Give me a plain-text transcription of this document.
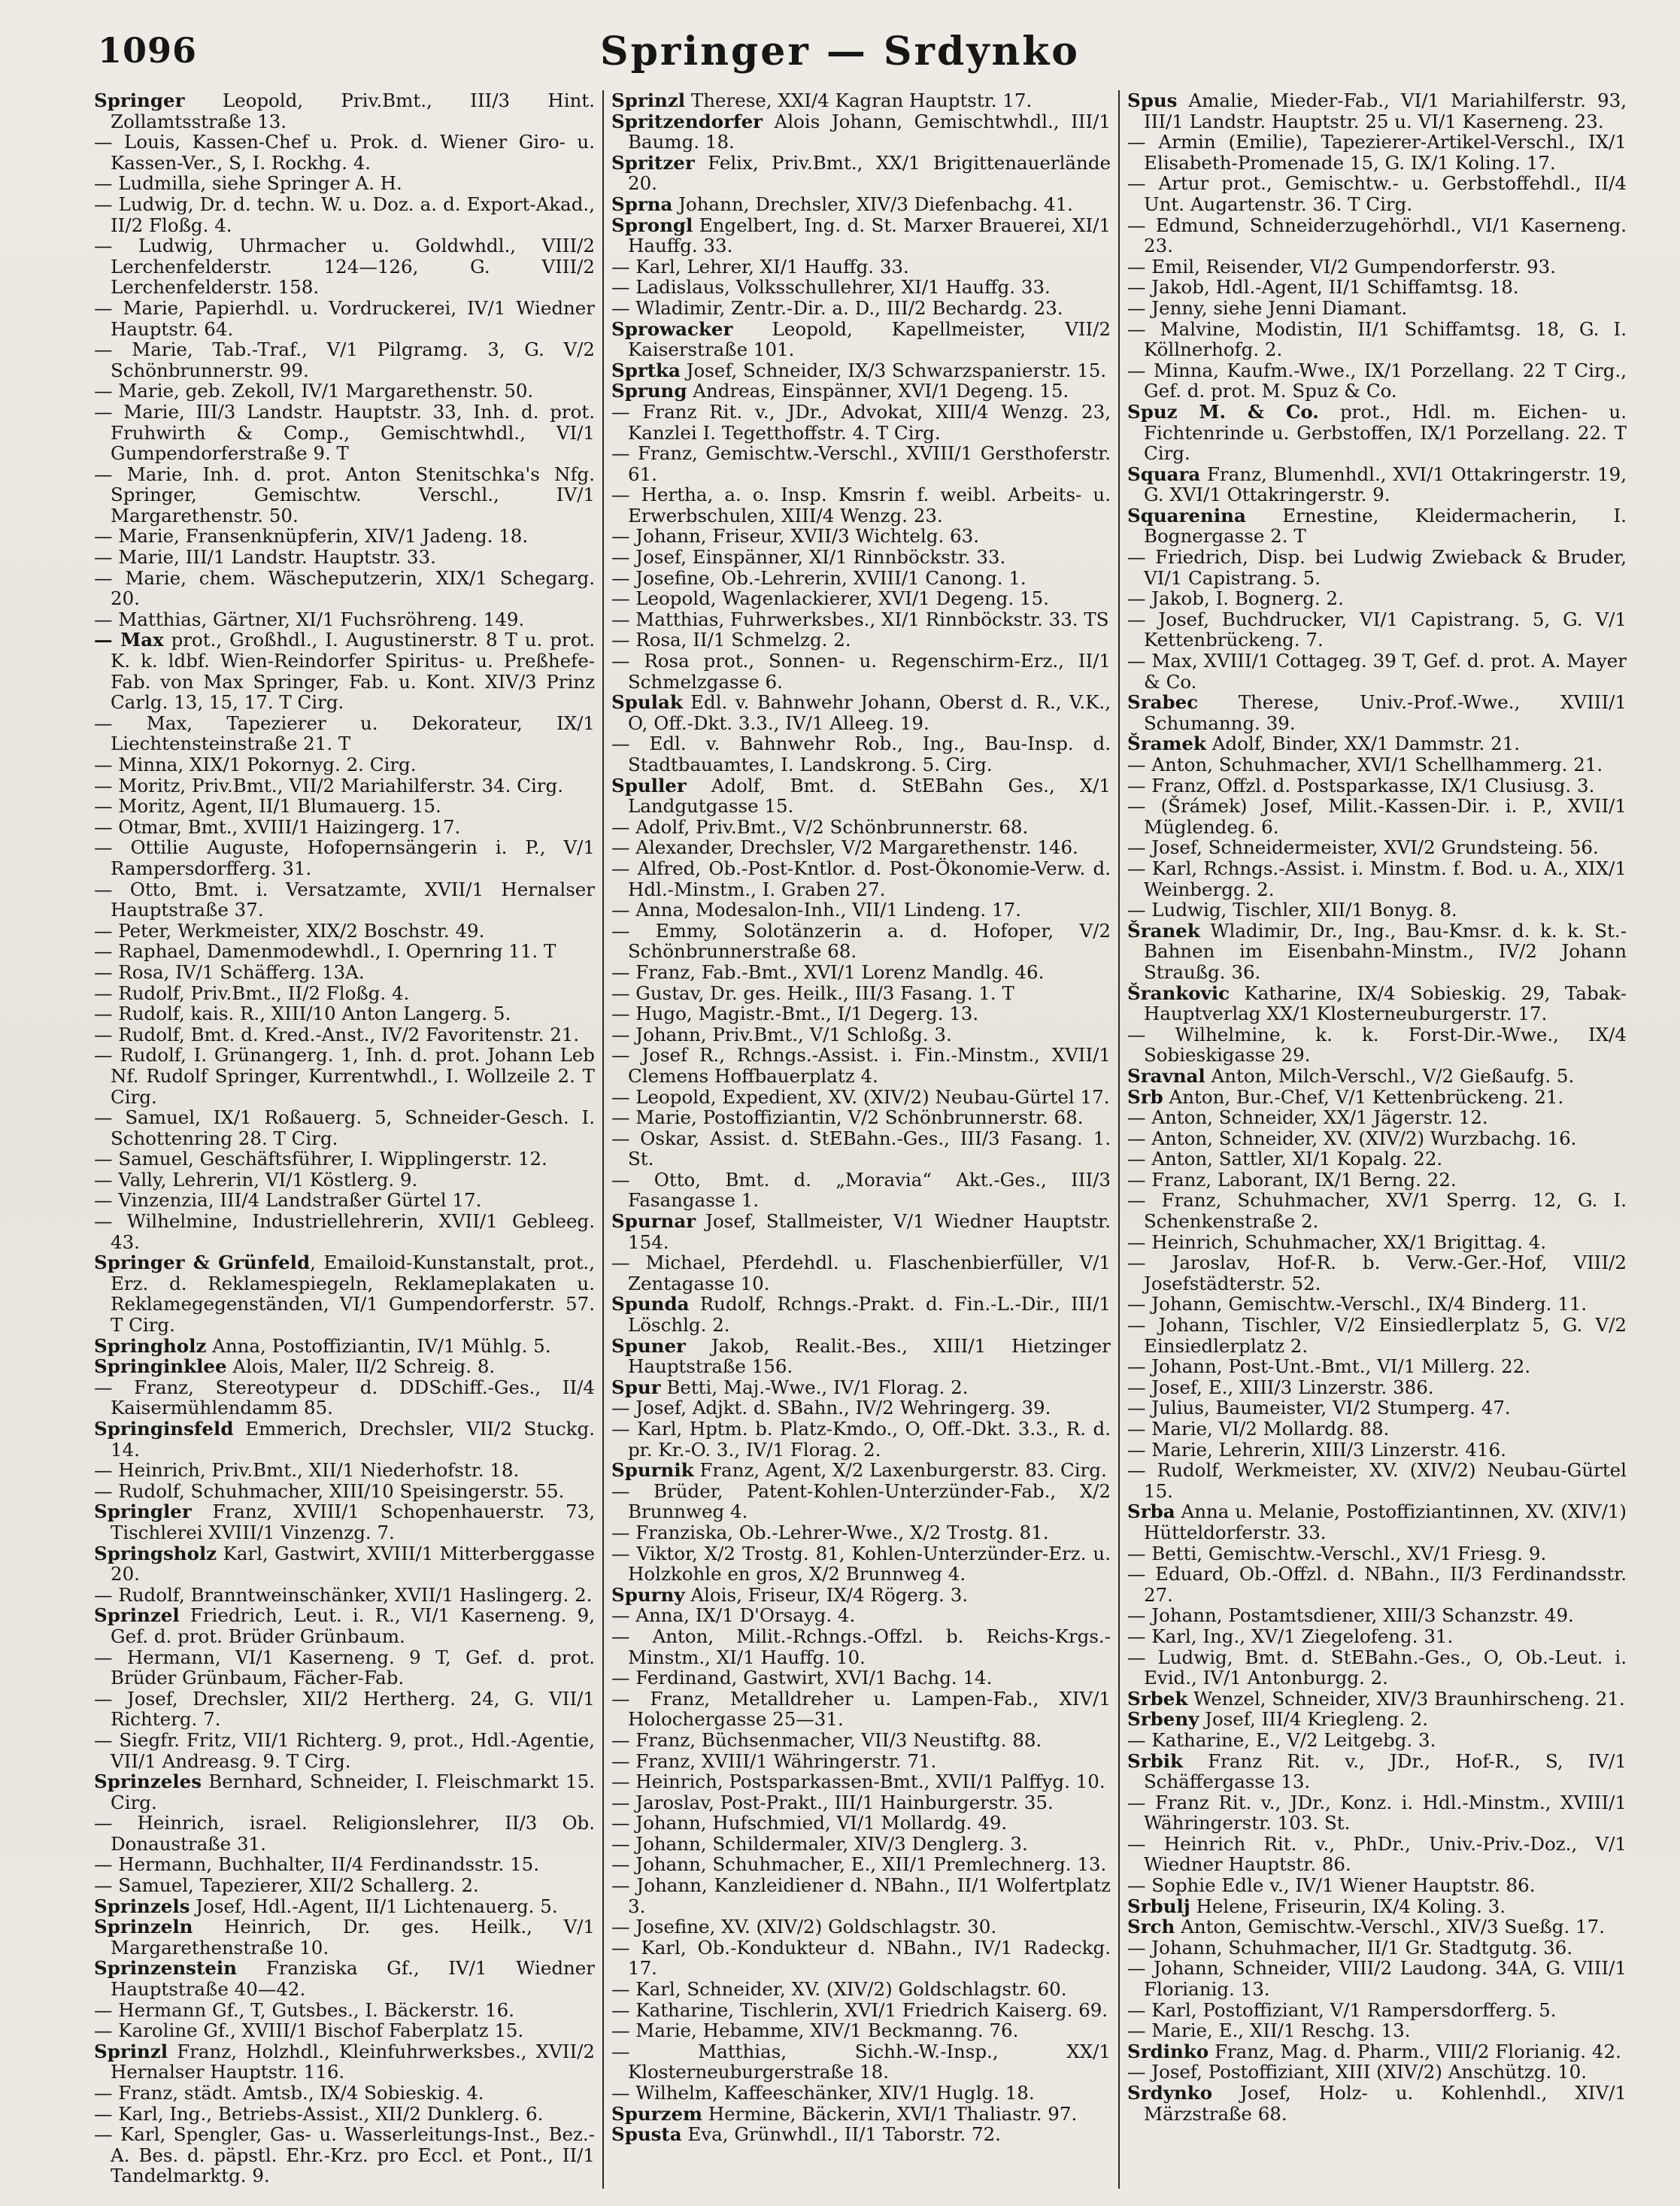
1096	Springer — Srdynko

Springer Leopold, Priv.Bmt., III/3 Hint. Zollamtsstraße 13.

— Louis, Kassen-Chef u. Prok. d. Wiener Giro- u. Kassen-Ver., S, I. Rockhg. 4.

— Ludmilla, siehe Springer A. H.

— Ludwig, Dr. d. techn. W. u. Doz. a. d. Export-Akad., II/2 Floßg. 4.

— Ludwig, Uhrmacher u. Goldwhdl., VIII/2 Lerchenfelderstr. 124—126, G. VIII/2 Lerchenfelderstr. 158.

— Marie, Papierhdl. u. Vordruckerei, IV/1 Wiedner Hauptstr. 64.

— Marie, Tab.-Traf., V/1 Pilgramg. 3, G. V/2 Schönbrunnerstr. 99.

— Marie, geb. Zekoll, IV/1 Margarethenstr. 50.

— Marie, III/3 Landstr. Hauptstr. 33, Inh. d. prot. Fruhwirth & Comp., Gemischtwhdl., VI/1 Gumpendorferstraße 9. T

— Marie, Inh. d. prot. Anton Stenitschka's Nfg. Springer, Gemischtw. Verschl., IV/1 Margarethenstr. 50.

— Marie, Fransenknüpferin, XIV/1 Jadeng. 18.

— Marie, III/1 Landstr. Hauptstr. 33.

— Marie, chem. Wäscheputzerin, XIX/1 Schegarg. 20.

— Matthias, Gärtner, XI/1 Fuchsröhreng. 149.

— Max prot., Großhdl., I. Augustinerstr. 8 T u. prot. K. k. ldbf. Wien-Reindorfer Spiritus- u. Preßhefe-Fab. von Max Springer, Fab. u. Kont. XIV/3 Prinz Carlg. 13, 15, 17. T Cirg.

— Max, Tapezierer u. Dekorateur, IX/1 Liechtensteinstraße 21. T

— Minna, XIX/1 Pokornyg. 2. Cirg.

— Moritz, Priv.Bmt., VII/2 Mariahilferstr. 34. Cirg.

— Moritz, Agent, II/1 Blumauerg. 15.

— Otmar, Bmt., XVIII/1 Haizingerg. 17.

— Ottilie Auguste, Hofopernsängerin i. P., V/1 Rampersdorfferg. 31.

— Otto, Bmt. i. Versatzamte, XVII/1 Hernalser Hauptstraße 37.

— Peter, Werkmeister, XIX/2 Boschstr. 49.

— Raphael, Damenmodewhdl., I. Opernring 11. T

— Rosa, IV/1 Schäfferg. 13A.

— Rudolf, Priv.Bmt., II/2 Floßg. 4.

— Rudolf, kais. R., XIII/10 Anton Langerg. 5.

— Rudolf, Bmt. d. Kred.-Anst., IV/2 Favoritenstr. 21.

— Rudolf, I. Grünangerg. 1, Inh. d. prot. Johann Leb Nf. Rudolf Springer, Kurrentwhdl., I. Wollzeile 2. T Cirg.

— Samuel, IX/1 Roßauerg. 5, Schneider-Gesch. I. Schottenring 28. T Cirg.

— Samuel, Geschäftsführer, I. Wipplingerstr. 12.

— Vally, Lehrerin, VI/1 Köstlerg. 9.

— Vinzenzia, III/4 Landstraßer Gürtel 17.

— Wilhelmine, Industriellehrerin, XVII/1 Gebleeg. 43.

Springer & Grünfeld, Emailoid-Kunstanstalt, prot., Erz. d. Reklamespiegeln, Reklameplakaten u. Reklamegegenständen, VI/1 Gumpendorferstr. 57. T Cirg.

Springholz Anna, Postoffiziantin, IV/1 Mühlg. 5.

Springinklee Alois, Maler, II/2 Schreig. 8.

— Franz, Stereotypeur d. DDSchiff.-Ges., II/4 Kaisermühlendamm 85.

Springinsfeld Emmerich, Drechsler, VII/2 Stuckg. 14.

— Heinrich, Priv.Bmt., XII/1 Niederhofstr. 18.

— Rudolf, Schuhmacher, XIII/10 Speisingerstr. 55.

Springler Franz, XVIII/1 Schopenhauerstr. 73, Tischlerei XVIII/1 Vinzenzg. 7.

Springsholz Karl, Gastwirt, XVIII/1 Mitterberggasse 20.

— Rudolf, Branntweinschänker, XVII/1 Haslingerg. 2.

Sprinzel Friedrich, Leut. i. R., VI/1 Kaserneng. 9, Gef. d. prot. Brüder Grünbaum.

— Hermann, VI/1 Kaserneng. 9 T, Gef. d. prot. Brüder Grünbaum, Fächer-Fab.

— Josef, Drechsler, XII/2 Hertherg. 24, G. VII/1 Richterg. 7.

— Siegfr. Fritz, VII/1 Richterg. 9, prot., Hdl.-Agentie, VII/1 Andreasg. 9. T Cirg.

Sprinzeles Bernhard, Schneider, I. Fleischmarkt 15. Cirg.

— Heinrich, israel. Religionslehrer, II/3 Ob. Donaustraße 31.

— Hermann, Buchhalter, II/4 Ferdinandsstr. 15.

— Samuel, Tapezierer, XII/2 Schallerg. 2.

Sprinzels Josef, Hdl.-Agent, II/1 Lichtenauerg. 5.

Sprinzeln Heinrich, Dr. ges. Heilk., V/1 Margarethenstraße 10.

Sprinzenstein Franziska Gf., IV/1 Wiedner Hauptstraße 40—42.

— Hermann Gf., T, Gutsbes., I. Bäckerstr. 16.

— Karoline Gf., XVIII/1 Bischof Faberplatz 15.

Sprinzl Franz, Holzhdl., Kleinfuhrwerksbes., XVII/2 Hernalser Hauptstr. 116.

— Franz, städt. Amtsb., IX/4 Sobieskig. 4.

— Karl, Ing., Betriebs-Assist., XII/2 Dunklerg. 6.

— Karl, Spengler, Gas- u. Wasserleitungs-Inst., Bez.-A. Bes. d. päpstl. Ehr.-Krz. pro Eccl. et Pont., II/1 Tandelmarktg. 9.

Sprinzl Therese, XXI/4 Kagran Hauptstr. 17.

Spritzendorfer Alois Johann, Gemischtwhdl., III/1 Baumg. 18.

Spritzer Felix, Priv.Bmt., XX/1 Brigittenauerlände 20.

Sprna Johann, Drechsler, XIV/3 Diefenbachg. 41.

Sprongl Engelbert, Ing. d. St. Marxer Brauerei, XI/1 Hauffg. 33.

— Karl, Lehrer, XI/1 Hauffg. 33.

— Ladislaus, Volksschullehrer, XI/1 Hauffg. 33.

— Wladimir, Zentr.-Dir. a. D., III/2 Bechardg. 23.

Sprowacker Leopold, Kapellmeister, VII/2 Kaiserstraße 101.

Sprtka Josef, Schneider, IX/3 Schwarzspanierstr. 15.

Sprung Andreas, Einspänner, XVI/1 Degeng. 15.

— Franz Rit. v., JDr., Advokat, XIII/4 Wenzg. 23, Kanzlei I. Tegetthoffstr. 4. T Cirg.

— Franz, Gemischtw.-Verschl., XVIII/1 Gersthoferstr. 61.

— Hertha, a. o. Insp. Kmsrin f. weibl. Arbeits- u. Erwerbschulen, XIII/4 Wenzg. 23.

— Johann, Friseur, XVII/3 Wichtelg. 63.

— Josef, Einspänner, XI/1 Rinnböckstr. 33.

— Josefine, Ob.-Lehrerin, XVIII/1 Canong. 1.

— Leopold, Wagenlackierer, XVI/1 Degeng. 15.

— Matthias, Fuhrwerksbes., XI/1 Rinnböckstr. 33. TS

— Rosa, II/1 Schmelzg. 2.

— Rosa prot., Sonnen- u. Regenschirm-Erz., II/1 Schmelzgasse 6.

Spulak Edl. v. Bahnwehr Johann, Oberst d. R., V.K., O, Off.-Dkt. 3.3., IV/1 Alleeg. 19.

— Edl. v. Bahnwehr Rob., Ing., Bau-Insp. d. Stadtbauamtes, I. Landskrong. 5. Cirg.

Spuller Adolf, Bmt. d. StEBahn Ges., X/1 Landgutgasse 15.

— Adolf, Priv.Bmt., V/2 Schönbrunnerstr. 68.

— Alexander, Drechsler, V/2 Margarethenstr. 146.

— Alfred, Ob.-Post-Kntlor. d. Post-Ökonomie-Verw. d. Hdl.-Minstm., I. Graben 27.

— Anna, Modesalon-Inh., VII/1 Lindeng. 17.

— Emmy, Solotänzerin a. d. Hofoper, V/2 Schönbrunnerstraße 68.

— Franz, Fab.-Bmt., XVI/1 Lorenz Mandlg. 46.

— Gustav, Dr. ges. Heilk., III/3 Fasang. 1. T

— Hugo, Magistr.-Bmt., I/1 Degerg. 13.

— Johann, Priv.Bmt., V/1 Schloßg. 3.

— Josef R., Rchngs.-Assist. i. Fin.-Minstm., XVII/1 Clemens Hoffbauerplatz 4.

— Leopold, Expedient, XV. (XIV/2) Neubau-Gürtel 17.

— Marie, Postoffiziantin, V/2 Schönbrunnerstr. 68.

— Oskar, Assist. d. StEBahn.-Ges., III/3 Fasang. 1. St.

— Otto, Bmt. d. „Moravia“ Akt.-Ges., III/3 Fasangasse 1.

Spurnar Josef, Stallmeister, V/1 Wiedner Hauptstr. 154.

— Michael, Pferdehdl. u. Flaschenbierfüller, V/1 Zentagasse 10.

Spunda Rudolf, Rchngs.-Prakt. d. Fin.-L.-Dir., III/1 Löschlg. 2.

Spuner Jakob, Realit.-Bes., XIII/1 Hietzinger Hauptstraße 156.

Spur Betti, Maj.-Wwe., IV/1 Florag. 2.

— Josef, Adjkt. d. SBahn., IV/2 Wehringerg. 39.

— Karl, Hptm. b. Platz-Kmdo., O, Off.-Dkt. 3.3., R. d. pr. Kr.-O. 3., IV/1 Florag. 2.

Spurnik Franz, Agent, X/2 Laxenburgerstr. 83. Cirg.

— Brüder, Patent-Kohlen-Unterzünder-Fab., X/2 Brunnweg 4.

— Franziska, Ob.-Lehrer-Wwe., X/2 Trostg. 81.

— Viktor, X/2 Trostg. 81, Kohlen-Unterzünder-Erz. u. Holzkohle en gros, X/2 Brunnweg 4.

Spurny Alois, Friseur, IX/4 Rögerg. 3.

— Anna, IX/1 D'Orsayg. 4.

— Anton, Milit.-Rchngs.-Offzl. b. Reichs-Krgs.-Minstm., XI/1 Hauffg. 10.

— Ferdinand, Gastwirt, XVI/1 Bachg. 14.

— Franz, Metalldreher u. Lampen-Fab., XIV/1 Holochergasse 25—31.

— Franz, Büchsenmacher, VII/3 Neustiftg. 88.

— Franz, XVIII/1 Währingerstr. 71.

— Heinrich, Postsparkassen-Bmt., XVII/1 Palffyg. 10.

— Jaroslav, Post-Prakt., III/1 Hainburgerstr. 35.

— Johann, Hufschmied, VI/1 Mollardg. 49.

— Johann, Schildermaler, XIV/3 Denglerg. 3.

— Johann, Schuhmacher, E., XII/1 Premlechnerg. 13.

— Johann, Kanzleidiener d. NBahn., II/1 Wolfertplatz 3.

— Josefine, XV. (XIV/2) Goldschlagstr. 30.

— Karl, Ob.-Kondukteur d. NBahn., IV/1 Radeckg. 17.

— Karl, Schneider, XV. (XIV/2) Goldschlagstr. 60.

— Katharine, Tischlerin, XVI/1 Friedrich Kaiserg. 69.

— Marie, Hebamme, XIV/1 Beckmanng. 76.

— Matthias, Sichh.-W.-Insp., XX/1 Klosterneuburgerstraße 18.

— Wilhelm, Kaffeeschänker, XIV/1 Huglg. 18.

Spurzem Hermine, Bäckerin, XVI/1 Thaliastr. 97.

Spusta Eva, Grünwhdl., II/1 Taborstr. 72.

Spus Amalie, Mieder-Fab., VI/1 Mariahilferstr. 93, III/1 Landstr. Hauptstr. 25 u. VI/1 Kaserneng. 23.

— Armin (Emilie), Tapezierer-Artikel-Verschl., IX/1 Elisabeth-Promenade 15, G. IX/1 Koling. 17.

— Artur prot., Gemischtw.- u. Gerbstoffehdl., II/4 Unt. Augartenstr. 36. T Cirg.

— Edmund, Schneiderzugehörhdl., VI/1 Kaserneng. 23.

— Emil, Reisender, VI/2 Gumpendorferstr. 93.

— Jakob, Hdl.-Agent, II/1 Schiffamtsg. 18.

— Jenny, siehe Jenni Diamant.

— Malvine, Modistin, II/1 Schiffamtsg. 18, G. I. Köllnerhofg. 2.

— Minna, Kaufm.-Wwe., IX/1 Porzellang. 22 T Cirg., Gef. d. prot. M. Spuz & Co.

Spuz M. & Co. prot., Hdl. m. Eichen- u. Fichtenrinde u. Gerbstoffen, IX/1 Porzellang. 22. T Cirg.

Squara Franz, Blumenhdl., XVI/1 Ottakringerstr. 19, G. XVI/1 Ottakringerstr. 9.

Squarenina Ernestine, Kleidermacherin, I. Bognergasse 2. T

— Friedrich, Disp. bei Ludwig Zwieback & Bruder, VI/1 Capistrang. 5.

— Jakob, I. Bognerg. 2.

— Josef, Buchdrucker, VI/1 Capistrang. 5, G. V/1 Kettenbrückeng. 7.

— Max, XVIII/1 Cottageg. 39 T, Gef. d. prot. A. Mayer & Co.

Srabec Therese, Univ.-Prof.-Wwe., XVIII/1 Schumanng. 39.

Šramek Adolf, Binder, XX/1 Dammstr. 21.

— Anton, Schuhmacher, XVI/1 Schellhammerg. 21.

— Franz, Offzl. d. Postsparkasse, IX/1 Clusiusg. 3.

— (Šrámek) Josef, Milit.-Kassen-Dir. i. P., XVII/1 Müglendeg. 6.

— Josef, Schneidermeister, XVI/2 Grundsteing. 56.

— Karl, Rchngs.-Assist. i. Minstm. f. Bod. u. A., XIX/1 Weinbergg. 2.

— Ludwig, Tischler, XII/1 Bonyg. 8.

Šranek Wladimir, Dr., Ing., Bau-Kmsr. d. k. k. St.-Bahnen im Eisenbahn-Minstm., IV/2 Johann Straußg. 36.

Šrankovic Katharine, IX/4 Sobieskig. 29, Tabak-Hauptverlag XX/1 Klosterneuburgerstr. 17.

— Wilhelmine, k. k. Forst-Dir.-Wwe., IX/4 Sobieskigasse 29.

Sravnal Anton, Milch-Verschl., V/2 Gießaufg. 5.

Srb Anton, Bur.-Chef, V/1 Kettenbrückeng. 21.

— Anton, Schneider, XX/1 Jägerstr. 12.

— Anton, Schneider, XV. (XIV/2) Wurzbachg. 16.

— Anton, Sattler, XI/1 Kopalg. 22.

— Franz, Laborant, IX/1 Berng. 22.

— Franz, Schuhmacher, XV/1 Sperrg. 12, G. I. Schenkenstraße 2.

— Heinrich, Schuhmacher, XX/1 Brigittag. 4.

— Jaroslav, Hof-R. b. Verw.-Ger.-Hof, VIII/2 Josefstädterstr. 52.

— Johann, Gemischtw.-Verschl., IX/4 Binderg. 11.

— Johann, Tischler, V/2 Einsiedlerplatz 5, G. V/2 Einsiedlerplatz 2.

— Johann, Post-Unt.-Bmt., VI/1 Millerg. 22.

— Josef, E., XIII/3 Linzerstr. 386.

— Julius, Baumeister, VI/2 Stumperg. 47.

— Marie, VI/2 Mollardg. 88.

— Marie, Lehrerin, XIII/3 Linzerstr. 416.

— Rudolf, Werkmeister, XV. (XIV/2) Neubau-Gürtel 15.

Srba Anna u. Melanie, Postoffiziantinnen, XV. (XIV/1) Hütteldorferstr. 33.

— Betti, Gemischtw.-Verschl., XV/1 Friesg. 9.

— Eduard, Ob.-Offzl. d. NBahn., II/3 Ferdinandsstr. 27.

— Johann, Postamtsdiener, XIII/3 Schanzstr. 49.

— Karl, Ing., XV/1 Ziegelofeng. 31.

— Ludwig, Bmt. d. StEBahn.-Ges., O, Ob.-Leut. i. Evid., IV/1 Antonburgg. 2.

Srbek Wenzel, Schneider, XIV/3 Braunhirscheng. 21.

Srbeny Josef, III/4 Kriegleng. 2.

— Katharine, E., V/2 Leitgebg. 3.

Srbik Franz Rit. v., JDr., Hof-R., S, IV/1 Schäffergasse 13.

— Franz Rit. v., JDr., Konz. i. Hdl.-Minstm., XVIII/1 Währingerstr. 103. St.

— Heinrich Rit. v., PhDr., Univ.-Priv.-Doz., V/1 Wiedner Hauptstr. 86.

— Sophie Edle v., IV/1 Wiener Hauptstr. 86.

Srbulj Helene, Friseurin, IX/4 Koling. 3.

Srch Anton, Gemischtw.-Verschl., XIV/3 Sueßg. 17.

— Johann, Schuhmacher, II/1 Gr. Stadtgutg. 36.

— Johann, Schneider, VIII/2 Laudong. 34A, G. VIII/1 Florianig. 13.

— Karl, Postoffiziant, V/1 Rampersdorfferg. 5.

— Marie, E., XII/1 Reschg. 13.

Srdinko Franz, Mag. d. Pharm., VIII/2 Florianig. 42.

— Josef, Postoffiziant, XIII (XIV/2) Anschützg. 10.

Srdynko Josef, Holz- u. Kohlenhdl., XIV/1 Märzstraße 68.
